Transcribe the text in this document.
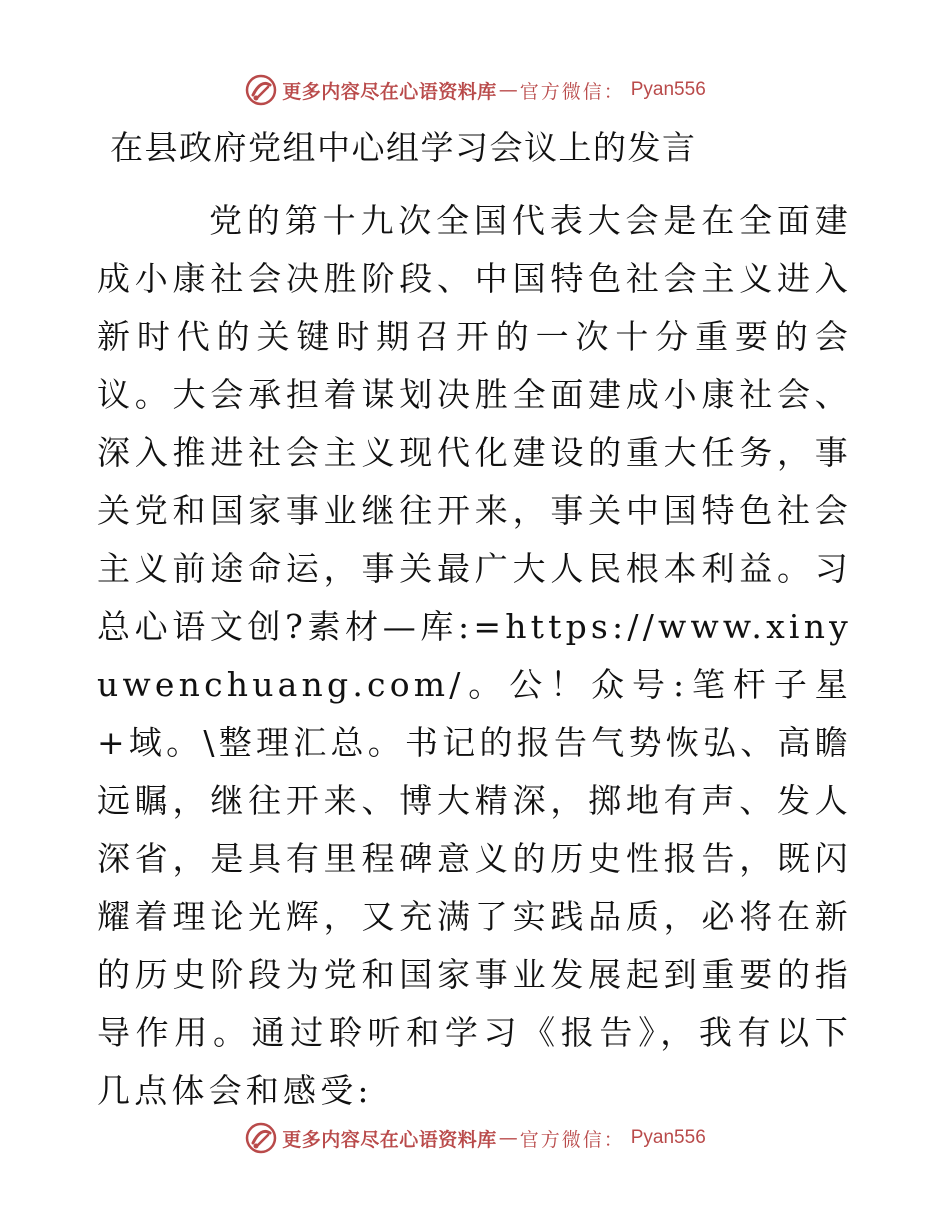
更多内容尽在心语资料库 — 官方微信： Pyan556
在县政府党组中心组学习会议上的发言
党的第十九次全国代表大会是在全面建成小康社会决胜阶段、中国特色社会主义进入新时代的关键时期召开的一次十分重要的会议。大会承担着谋划决胜全面建成小康社会、深入推进社会主义现代化建设的重大任务，事关党和国家事业继往开来，事关中国特色社会主义前途命运，事关最广大人民根本利益。习总心语文创?素材—库:=https://www.xinyuwenchuang.com/。公！众号:笔杆子星+域。\整理汇总。书记的报告气势恢弘、高瞻远瞩，继往开来、博大精深，掷地有声、发人深省，是具有里程碑意义的历史性报告，既闪耀着理论光辉，又充满了实践品质，必将在新的历史阶段为党和国家事业发展起到重要的指导作用。通过聆听和学习《报告》，我有以下几点体会和感受:
更多内容尽在心语资料库 — 官方微信： Pyan556
